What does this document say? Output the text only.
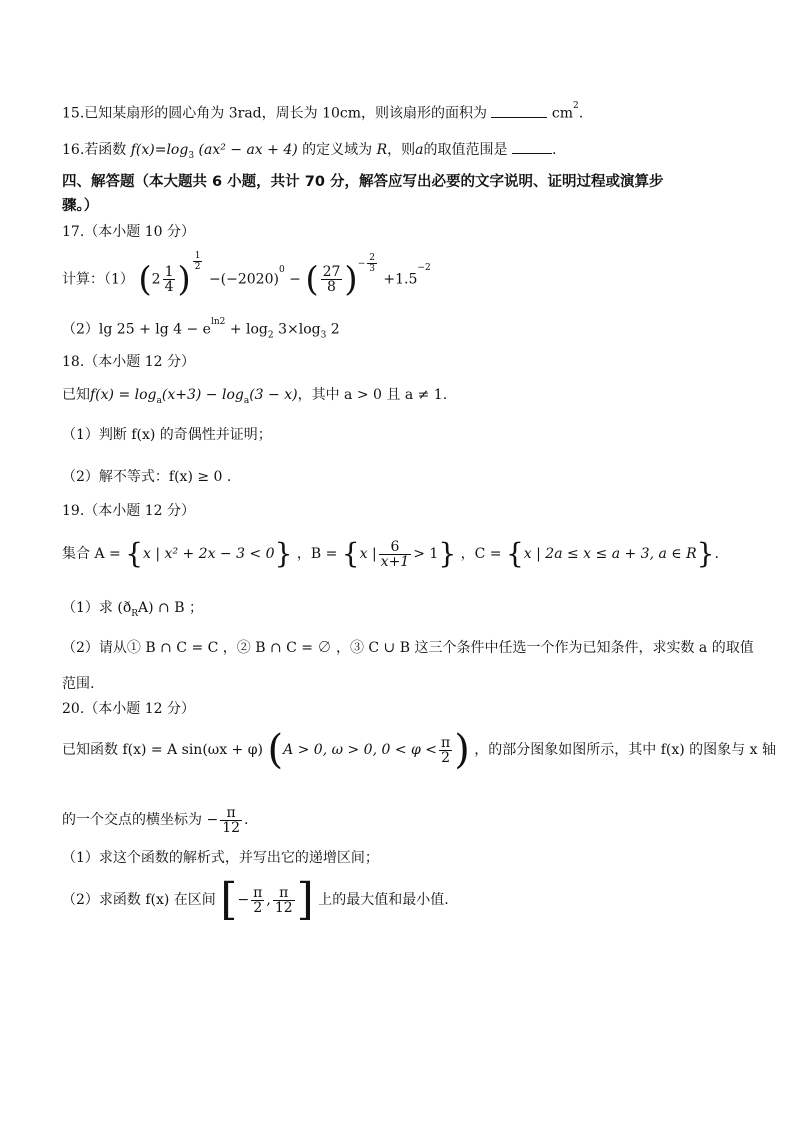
15.已知某扇形的圆心角为 3rad，周长为 10cm，则该扇形的面积为	$cm^2$.
16.若函数 $f(x)=\log_3$ (ax² − ax + 4) 的定义域为 R，则a的取值范围是	.
四、解答题（本大题共 6 小题，共计 70 分，解答应写出必要的文字说明、证明过程或演算步
骤。）
17.（本小题 10 分）
计算：（1） ($2 \frac{1}{4}$ ) $\frac{1}{2}$
$-(-2020)^0$ − ( $\frac{27}{8} )^{- \frac{2}{3}}$
$+1.5^{-2}$
（2）lg $25 + \lg 4 - e^{ln2} + \log_2 3\times\log_3$ 2
18.（本小题 12 分）
已知$f(x) = \log_a(x+3) - \log_a(3 - x)$，其中 a > 0 且 a ≠ 1.
（1）判断 f(x) 的奇偶性并证明；
（2）解不等式：f(x) ≥ 0 .
19.（本小题 12 分）
集合 A = {x | x² + 2x − 3 < 0} ，B = {x | $\frac{6}{x+1} > 1$} ，C = {x | 2a ≤ x ≤ a + 3, a ∈ R}.
（1）求 $(ð_RA)$ ∩ B ；
（2）请从① B ∩ C = C ，② B ∩ C = ∅ ，③ C ∪ B 这三个条件中任选一个作为已知条件，求实数 a 的取值
范围.
20.（本小题 12 分）
已知函数 f(x) = A sin(ωx + φ) (A > 0, ω > 0, $0 < \varphi < \frac{\pi}{2}$ ) ，的部分图象如图所示，其中 f(x) 的图象与 x 轴
的一个交点的横坐标为 − $\frac{\pi}{12}$ .
（1）求这个函数的解析式，并写出它的递增区间；
（2）求函数 f(x) 在区间 [− $\frac{\pi}{2}$ , $\frac{\pi}{12}$ ] 上的最大值和最小值.
